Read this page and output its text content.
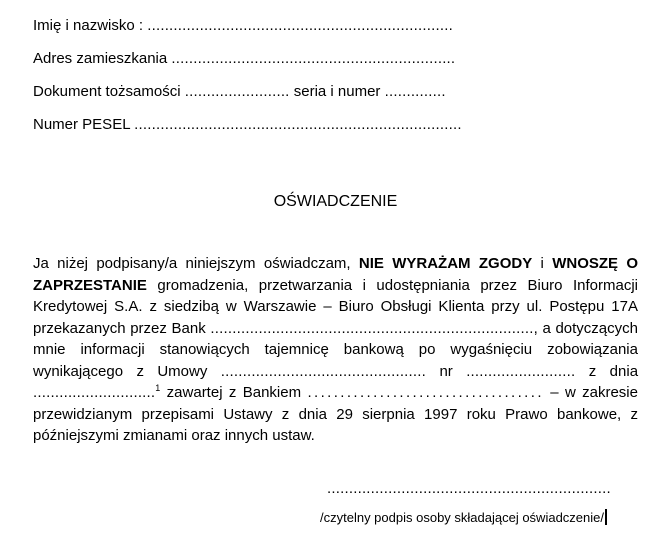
Imię i nazwisko : ......................................................................
Adres zamieszkania .................................................................
Dokument tożsamości ........................ seria i numer ..............
Numer PESEL ...........................................................................
OŚWIADCZENIE
Ja niżej podpisany/a niniejszym oświadczam, NIE WYRAŻAM ZGODY i WNOSZĘ O
ZAPRZESTANIE gromadzenia, przetwarzania i udostępniania przez Biuro Informacji
Kredytowej S.A. z siedzibą w Warszawie – Biuro Obsługi Klienta przy ul. Postępu 17A
przekazanych przez Bank .........................................................................., a dotyczących
mnie informacji stanowiących tajemnicę bankową po wygaśnięciu zobowiązania
wynikającego z Umowy ............................................... nr ......................... z dnia
............................$^1$ zawartej z Bankiem .................................... – w zakresie
przewidzianym przepisami Ustawy z dnia 29 sierpnia 1997 roku Prawo bankowe, z
późniejszymi zmianami oraz innych ustaw.
.................................................................
/czytelny podpis osoby składającej oświadczenie/
